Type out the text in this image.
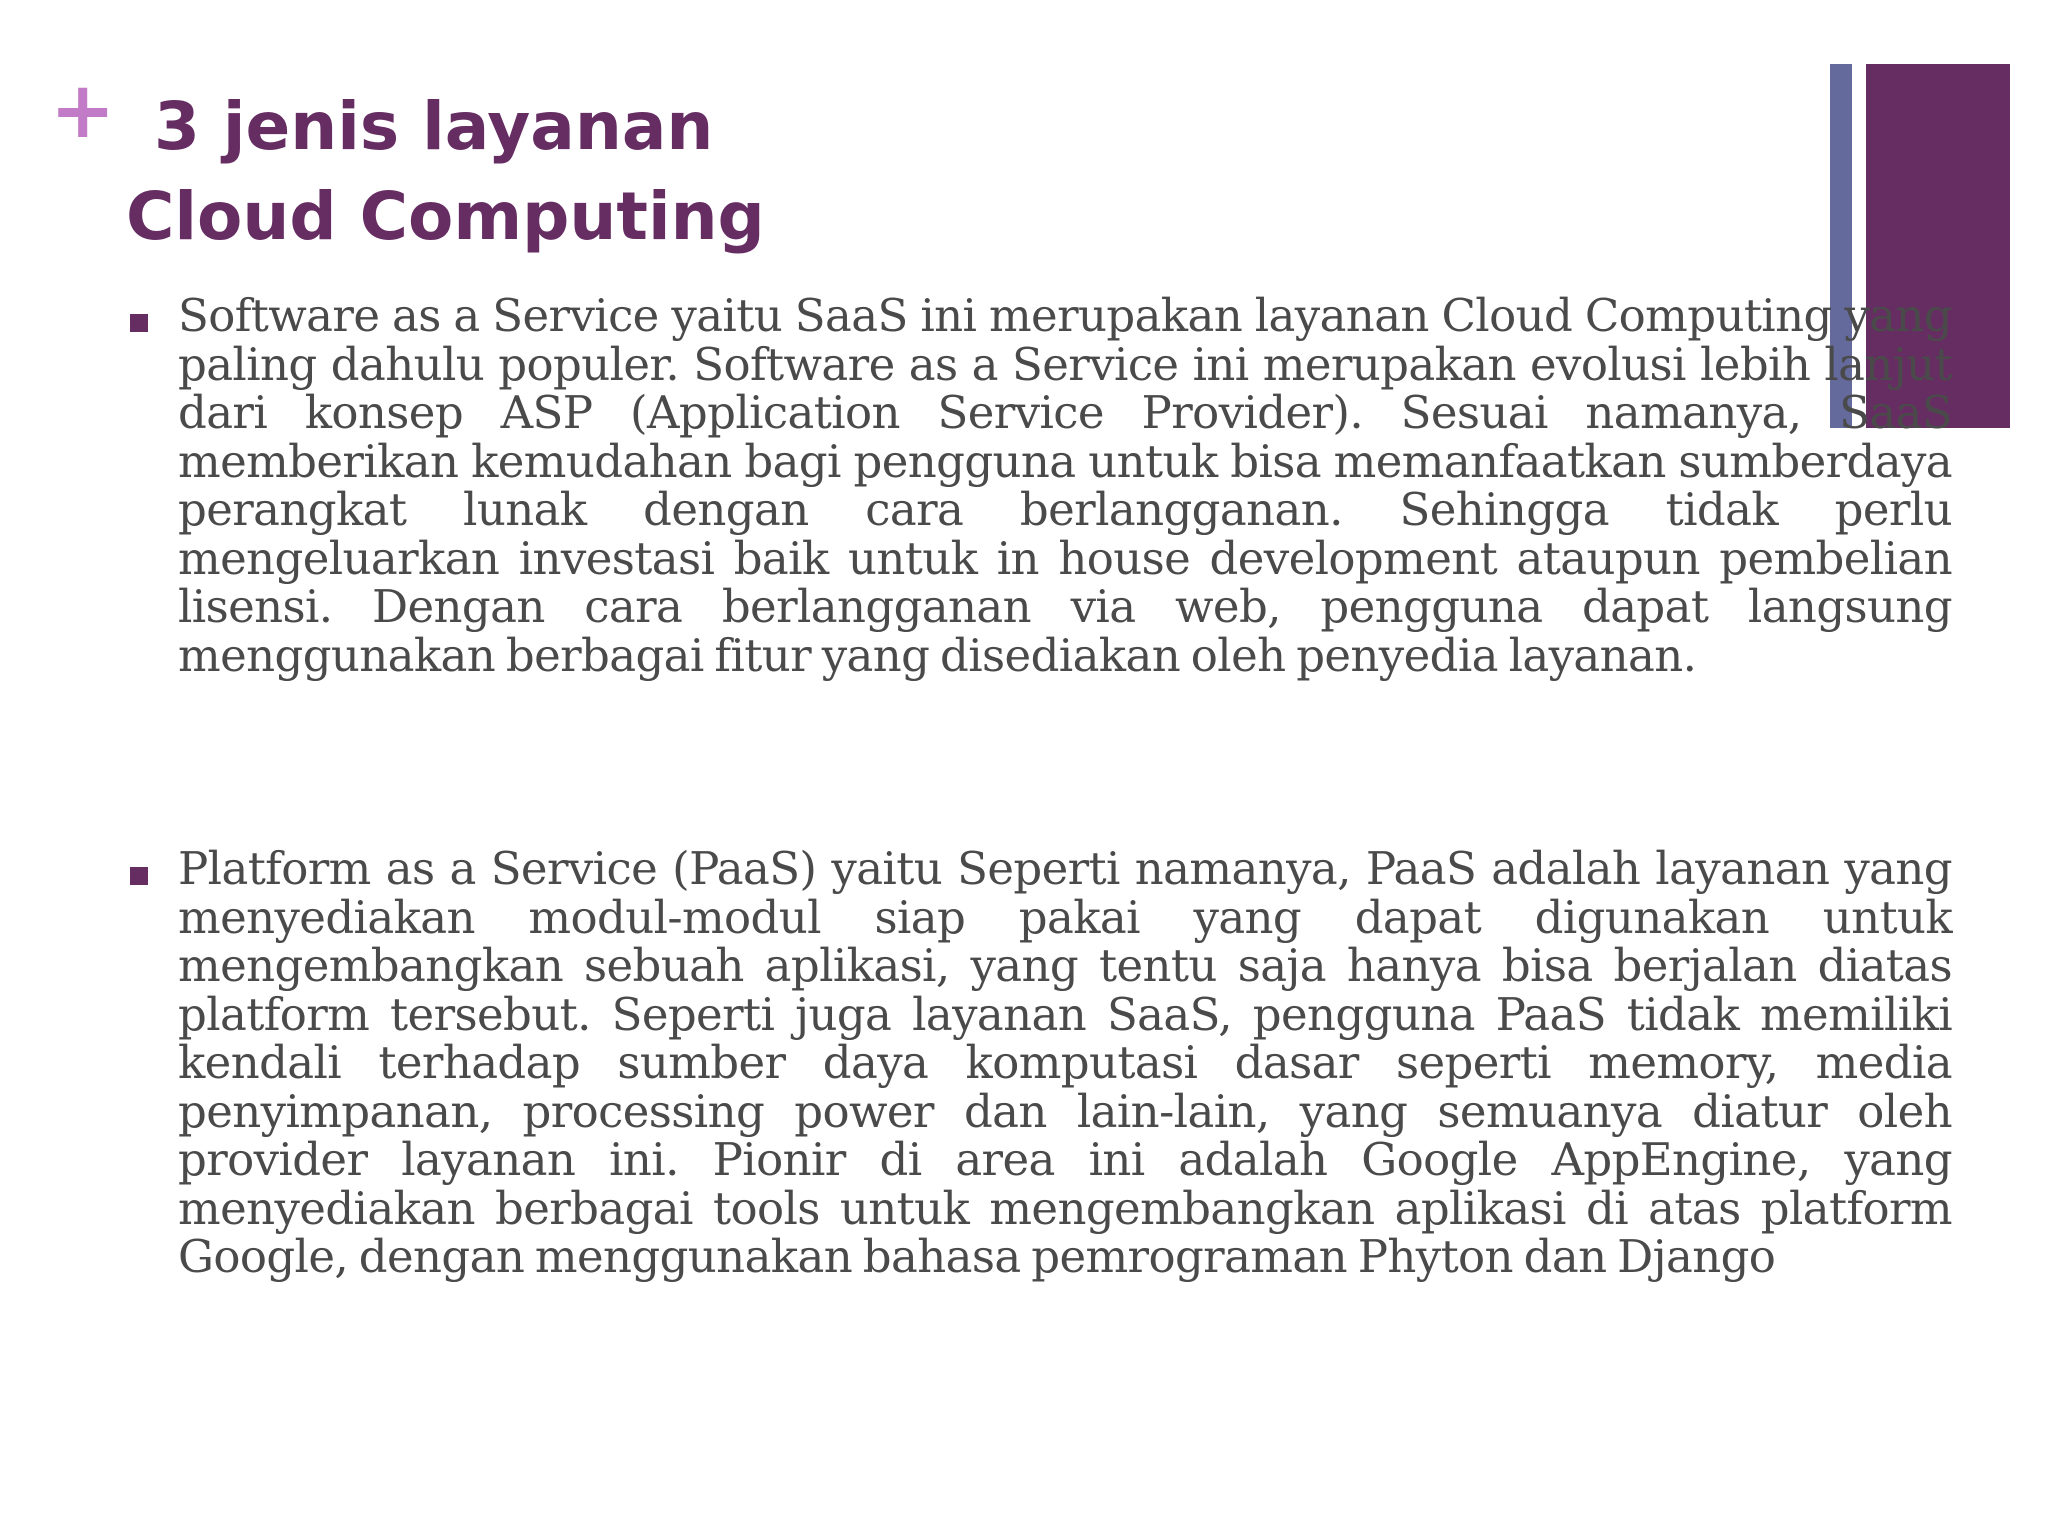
+ 3 jenis layanan
Cloud Computing
Software as a Service yaitu SaaS ini merupakan layanan Cloud Computing yang paling dahulu populer. Software as a Service ini merupakan evolusi lebih lanjut dari konsep ASP (Application Service Provider). Sesuai namanya, SaaS memberikan kemudahan bagi pengguna untuk bisa memanfaatkan sumberdaya perangkat lunak dengan cara berlangganan. Sehingga tidak perlu mengeluarkan investasi baik untuk in house development ataupun pembelian lisensi. Dengan cara berlangganan via web, pengguna dapat langsung menggunakan berbagai fitur yang disediakan oleh penyedia layanan.
Platform as a Service (PaaS) yaitu Seperti namanya, PaaS adalah layanan yang menyediakan modul-modul siap pakai yang dapat digunakan untuk mengembangkan sebuah aplikasi, yang tentu saja hanya bisa berjalan diatas platform tersebut. Seperti juga layanan SaaS, pengguna PaaS tidak memiliki kendali terhadap sumber daya komputasi dasar seperti memory, media penyimpanan, processing power dan lain-lain, yang semuanya diatur oleh provider layanan ini. Pionir di area ini adalah Google AppEngine, yang menyediakan berbagai tools untuk mengembangkan aplikasi di atas platform Google, dengan menggunakan bahasa pemrograman Phyton dan Django
